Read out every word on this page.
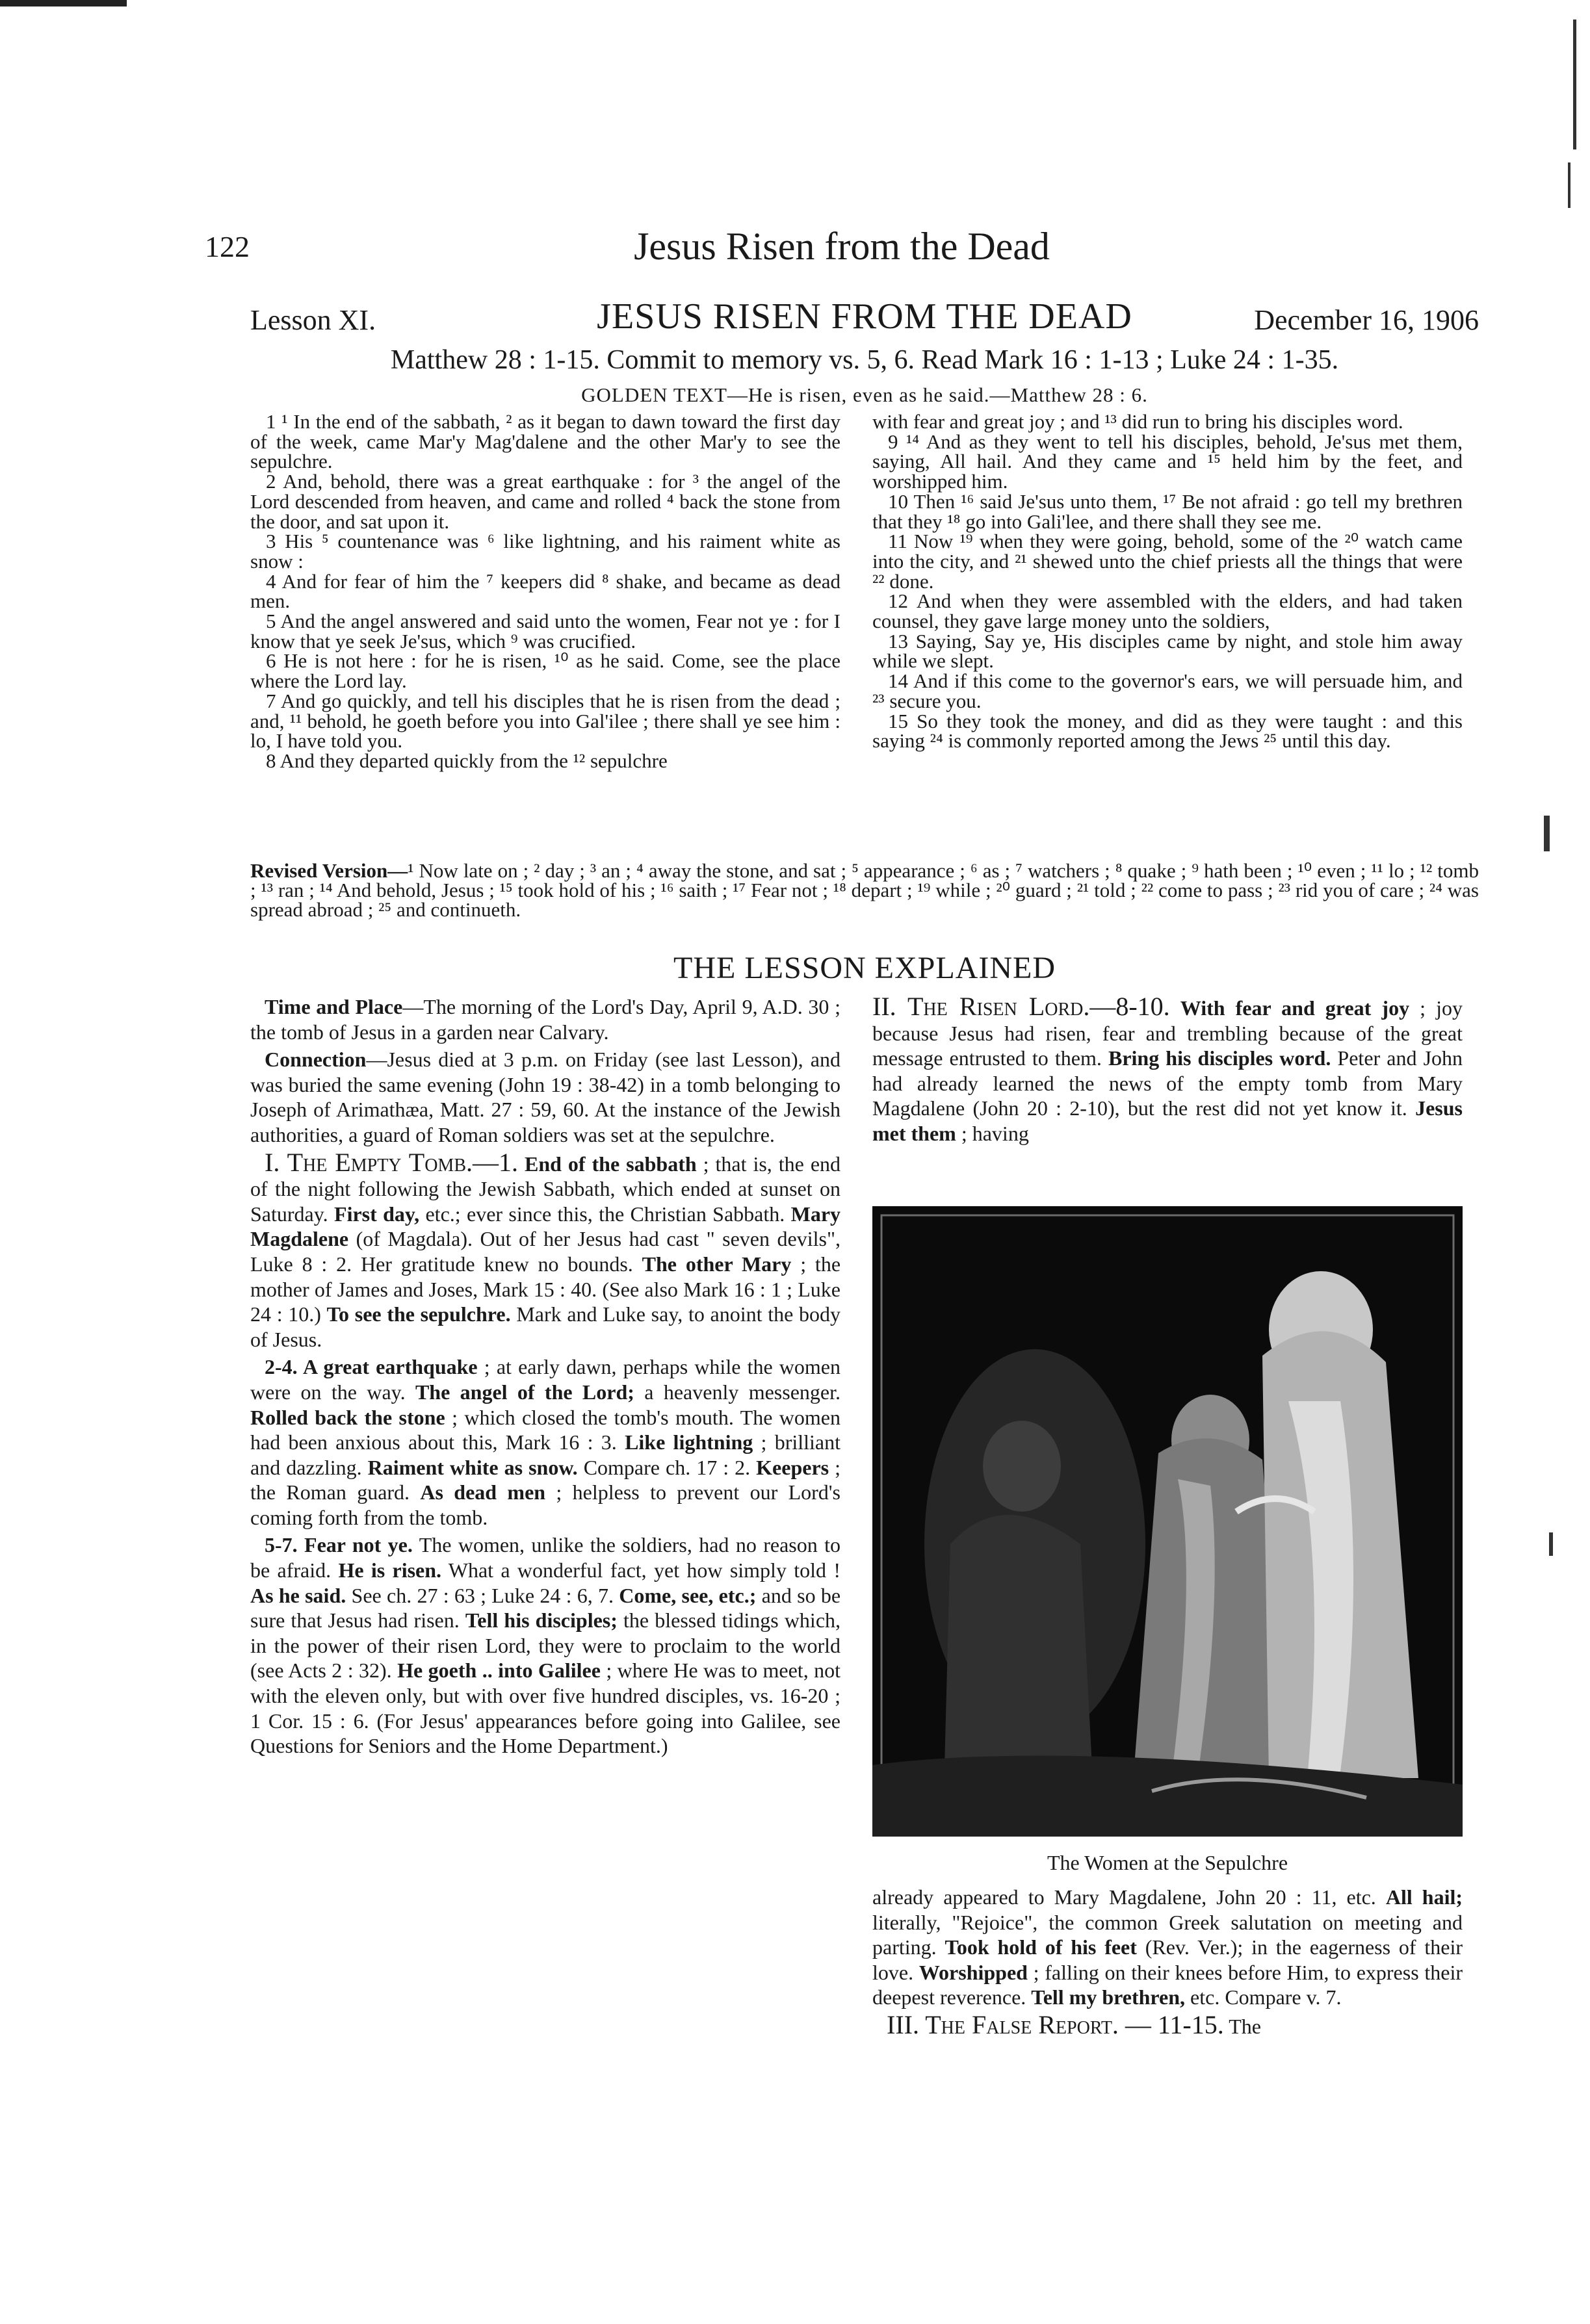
122	Jesus Risen from the Dead
Lesson XI.	JESUS RISEN FROM THE DEAD	December 16, 1906
Matthew 28 : 1-15. Commit to memory vs. 5, 6. Read Mark 16 : 1-13 ; Luke 24 : 1-35.
GOLDEN TEXT—He is risen, even as he said.—Matthew 28 : 6.

1 ¹ In the end of the sabbath, ² as it began to dawn toward the first day of the week, came Mar'y Mag'dalene and the other Mar'y to see the sepulchre.

2 And, behold, there was a great earthquake : for ³ the angel of the Lord descended from heaven, and came and rolled ⁴ back the stone from the door, and sat upon it.

3 His ⁵ countenance was ⁶ like lightning, and his raiment white as snow :

4 And for fear of him the ⁷ keepers did ⁸ shake, and became as dead men.

5 And the angel answered and said unto the women, Fear not ye : for I know that ye seek Je'sus, which ⁹ was crucified.

6 He is not here : for he is risen, ¹⁰ as he said. Come, see the place where the Lord lay.

7 And go quickly, and tell his disciples that he is risen from the dead ; and, ¹¹ behold, he goeth before you into Gal'ilee ; there shall ye see him : lo, I have told you.

8 And they departed quickly from the ¹² sepulchre

with fear and great joy ; and ¹³ did run to bring his disciples word.

9 ¹⁴ And as they went to tell his disciples, behold, Je'sus met them, saying, All hail. And they came and ¹⁵ held him by the feet, and worshipped him.

10 Then ¹⁶ said Je'sus unto them, ¹⁷ Be not afraid : go tell my brethren that they ¹⁸ go into Gali'lee, and there shall they see me.

11 Now ¹⁹ when they were going, behold, some of the ²⁰ watch came into the city, and ²¹ shewed unto the chief priests all the things that were ²² done.

12 And when they were assembled with the elders, and had taken counsel, they gave large money unto the soldiers,

13 Saying, Say ye, His disciples came by night, and stole him away while we slept.

14 And if this come to the governor's ears, we will persuade him, and ²³ secure you.

15 So they took the money, and did as they were taught : and this saying ²⁴ is commonly reported among the Jews ²⁵ until this day.

Revised Version—¹ Now late on ; ² day ; ³ an ; ⁴ away the stone, and sat ; ⁵ appearance ; ⁶ as ; ⁷ watchers ; ⁸ quake ; ⁹ hath been ; ¹⁰ even ; ¹¹ lo ; ¹² tomb ; ¹³ ran ; ¹⁴ And behold, Jesus ; ¹⁵ took hold of his ; ¹⁶ saith ; ¹⁷ Fear not ; ¹⁸ depart ; ¹⁹ while ; ²⁰ guard ; ²¹ told ; ²² come to pass ; ²³ rid you of care ; ²⁴ was spread abroad ; ²⁵ and continueth.
THE LESSON EXPLAINED

Time and Place—The morning of the Lord's Day, April 9, A.D. 30 ; the tomb of Jesus in a garden near Calvary.

Connection—Jesus died at 3 p.m. on Friday (see last Lesson), and was buried the same evening (John 19 : 38-42) in a tomb belonging to Joseph of Arimathæa, Matt. 27 : 59, 60. At the instance of the Jewish authorities, a guard of Roman soldiers was set at the sepulchre.

I. The Empty Tomb.—1. End of the sabbath ; that is, the end of the night following the Jewish Sabbath, which ended at sunset on Saturday. First day, etc.; ever since this, the Christian Sabbath. Mary Magdalene (of Magdala). Out of her Jesus had cast " seven devils", Luke 8 : 2. Her gratitude knew no bounds. The other Mary ; the mother of James and Joses, Mark 15 : 40. (See also Mark 16 : 1 ; Luke 24 : 10.) To see the sepulchre. Mark and Luke say, to anoint the body of Jesus.

2-4. A great earthquake ; at early dawn, perhaps while the women were on the way. The angel of the Lord; a heavenly messenger. Rolled back the stone ; which closed the tomb's mouth. The women had been anxious about this, Mark 16 : 3. Like lightning ; brilliant and dazzling. Raiment white as snow. Compare ch. 17 : 2. Keepers ; the Roman guard. As dead men ; helpless to prevent our Lord's coming forth from the tomb.

5-7. Fear not ye. The women, unlike the soldiers, had no reason to be afraid. He is risen. What a wonderful fact, yet how simply told ! As he said. See ch. 27 : 63 ; Luke 24 : 6, 7. Come, see, etc.; and so be sure that Jesus had risen. Tell his disciples; the blessed tidings which, in the power of their risen Lord, they were to proclaim to the world (see Acts 2 : 32). He goeth .. into Galilee ; where He was to meet, not with the eleven only, but with over five hundred disciples, vs. 16-20 ; 1 Cor. 15 : 6. (For Jesus' appearances before going into Galilee, see Questions for Seniors and the Home Department.)

II. The Risen Lord.—8-10. With fear and great joy ; joy because Jesus had risen, fear and trembling because of the great message entrusted to them. Bring his disciples word. Peter and John had already learned the news of the empty tomb from Mary Magdalene (John 20 : 2-10), but the rest did not yet know it. Jesus met them ; having

The Women at the Sepulchre

already appeared to Mary Magdalene, John 20 : 11, etc. All hail; literally, "Rejoice", the common Greek salutation on meeting and parting. Took hold of his feet (Rev. Ver.); in the eagerness of their love. Worshipped ; falling on their knees before Him, to express their deepest reverence. Tell my brethren, etc. Compare v. 7.

III. The False Report. — 11-15. The
